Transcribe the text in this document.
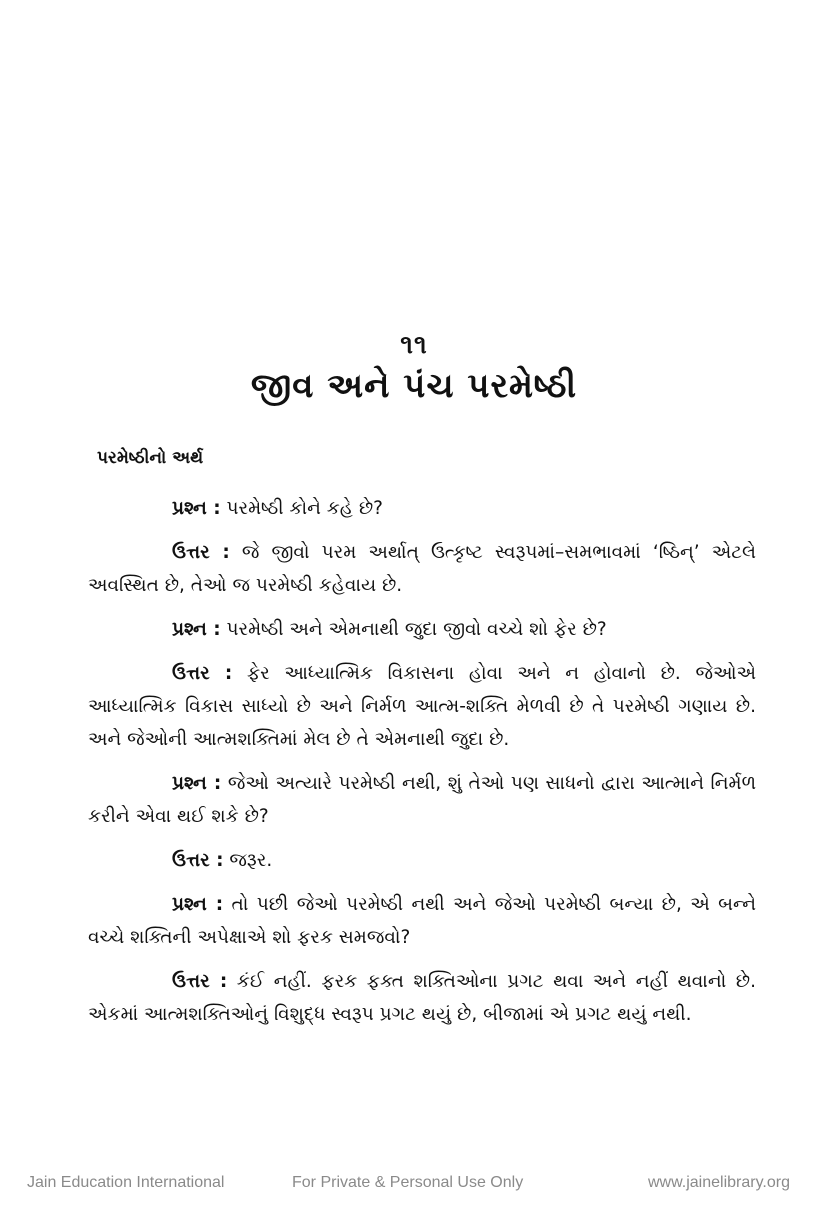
૧૧
જીવ અને પંચ પરમેષ્ઠી
પરમેષ્ઠીનો અર્થ

પ્રશ્ન : પરમેષ્ઠી કોને કહે છે?

ઉત્તર : જે જીવો પરમ અર્થાત્ ઉત્કૃષ્ટ સ્વરૂપમાં–સમભાવમાં ‘ષ્ઠિન્’ એટલે અવસ્થિત છે, તેઓ જ પરમેષ્ઠી કહેવાય છે.

પ્રશ્ન : પરમેષ્ઠી અને એમનાથી જુદા જીવો વચ્ચે શો ફેર છે?

ઉત્તર : ફેર આધ્યાત્મિક વિકાસના હોવા અને ન હોવાનો છે. જેઓએ આધ્યાત્મિક વિકાસ સાધ્યો છે અને નિર્મળ આત્મ-શક્તિ મેળવી છે તે પરમેષ્ઠી ગણાય છે. અને જેઓની આત્મશક્તિમાં મેલ છે તે એમનાથી જુદા છે.

પ્રશ્ન : જેઓ અત્યારે પરમેષ્ઠી નથી, શું તેઓ પણ સાધનો દ્વારા આત્માને નિર્મળ કરીને એવા થઈ શકે છે?

ઉત્તર : જરૂર.

પ્રશ્ન : તો પછી જેઓ પરમેષ્ઠી નથી અને જેઓ પરમેષ્ઠી બન્યા છે, એ બન્ને વચ્ચે શક્તિની અપેક્ષાએ શો ફરક સમજવો?

ઉત્તર : કંઈ નહીં. ફરક ફક્ત શક્તિઓના પ્રગટ થવા અને નહીં થવાનો છે. એકમાં આત્મશક્તિઓનું વિશુદ્ધ સ્વરૂપ પ્રગટ થયું છે, બીજામાં એ પ્રગટ થયું નથી.

Jain Education International	For Private & Personal Use Only	www.jainelibrary.org
